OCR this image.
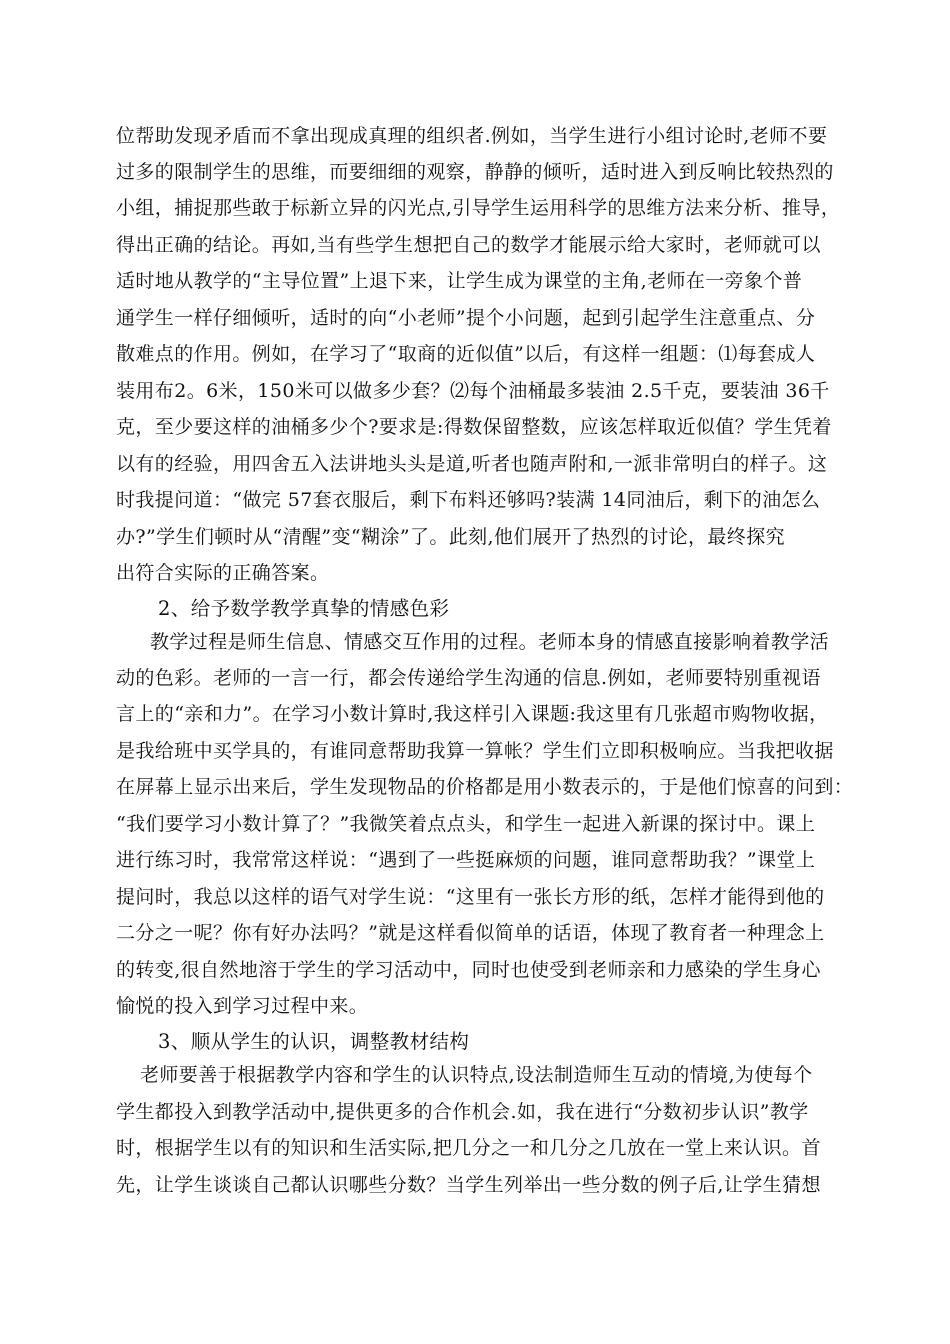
位帮助发现矛盾而不拿出现成真理的组织者.例如，当学生进行小组讨论时,老师不要
过多的限制学生的思维，而要细细的观察，静静的倾听，适时进入到反响比较热烈的
小组，捕捉那些敢于标新立异的闪光点,引导学生运用科学的思维方法来分析、推导，
得出正确的结论。再如,当有些学生想把自己的数学才能展示给大家时，老师就可以
适时地从教学的“主导位置”上退下来，让学生成为课堂的主角,老师在一旁象个普
通学生一样仔细倾听，适时的向“小老师”提个小问题，起到引起学生注意重点、分
散难点的作用。例如，在学习了“取商的近似值”以后，有这样一组题：⑴每套成人
装用布2。6米，150米可以做多少套？⑵每个油桶最多装油 2.5千克，要装油 36千
克，至少要这样的油桶多少个?要求是:得数保留整数，应该怎样取近似值？学生凭着
以有的经验，用四舍五入法讲地头头是道,听者也随声附和,一派非常明白的样子。这
时我提问道：“做完 57套衣服后，剩下布料还够吗?装满 14同油后，剩下的油怎么
办?”学生们顿时从“清醒”变“糊涂”了。此刻,他们展开了热烈的讨论，最终探究
出符合实际的正确答案。
2、给予数学教学真挚的情感色彩
教学过程是师生信息、情感交互作用的过程。老师本身的情感直接影响着教学活
动的色彩。老师的一言一行，都会传递给学生沟通的信息.例如，老师要特别重视语
言上的“亲和力”。在学习小数计算时,我这样引入课题:我这里有几张超市购物收据，
是我给班中买学具的，有谁同意帮助我算一算帐？学生们立即积极响应。当我把收据
在屏幕上显示出来后，学生发现物品的价格都是用小数表示的，于是他们惊喜的问到：
“我们要学习小数计算了？”我微笑着点点头，和学生一起进入新课的探讨中。课上
进行练习时，我常常这样说：“遇到了一些挺麻烦的问题，谁同意帮助我？”课堂上
提问时，我总以这样的语气对学生说：“这里有一张长方形的纸，怎样才能得到他的
二分之一呢？你有好办法吗？”就是这样看似简单的话语，体现了教育者一种理念上
的转变,很自然地溶于学生的学习活动中，同时也使受到老师亲和力感染的学生身心
愉悦的投入到学习过程中来。
3、顺从学生的认识，调整教材结构
老师要善于根据教学内容和学生的认识特点,设法制造师生互动的情境,为使每个
学生都投入到教学活动中,提供更多的合作机会.如，我在进行“分数初步认识”教学
时，根据学生以有的知识和生活实际,把几分之一和几分之几放在一堂上来认识。首
先，让学生谈谈自己都认识哪些分数？当学生列举出一些分数的例子后,让学生猜想
